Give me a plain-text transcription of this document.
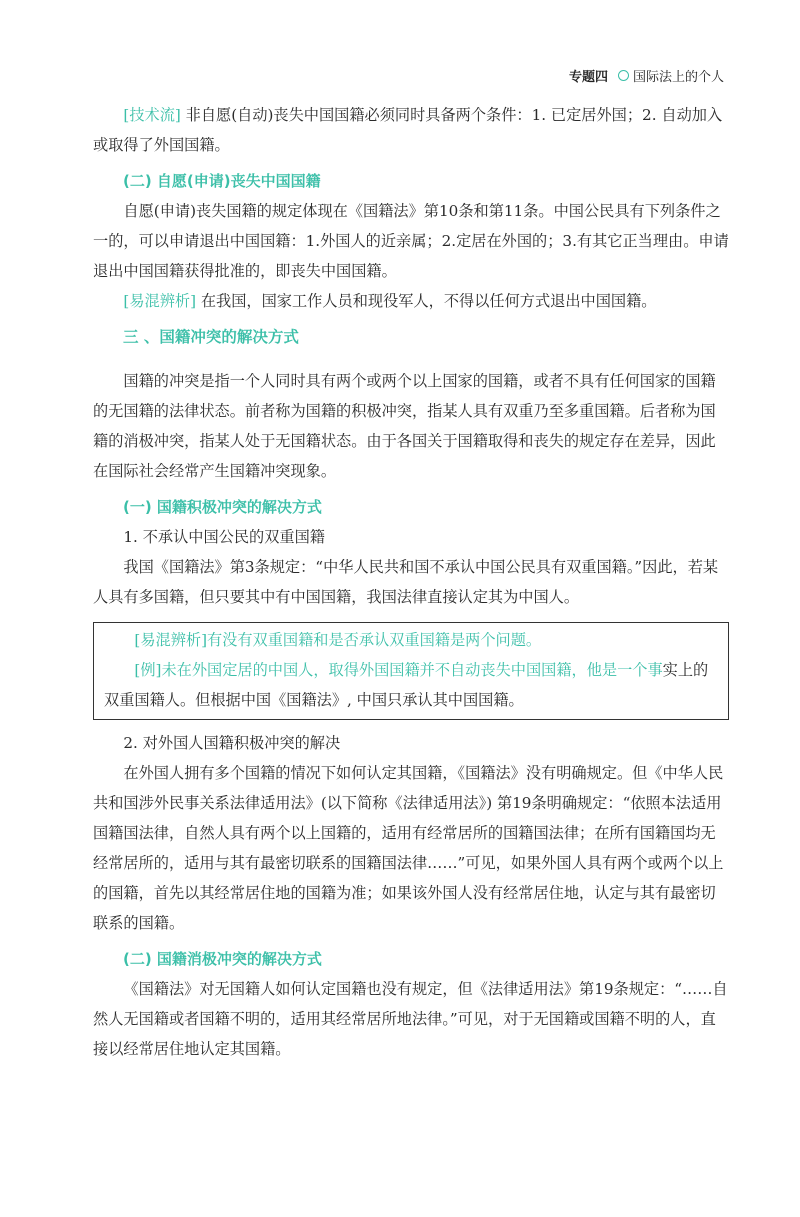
专题四 国际法上的个人

[技术流] 非自愿(自动)丧失中国国籍必须同时具备两个条件：1. 已定居外国；2. 自动加入或取得了外国国籍。

(二) 自愿(申请)丧失中国国籍

自愿(申请)丧失国籍的规定体现在《国籍法》第10条和第11条。中国公民具有下列条件之一的，可以申请退出中国国籍：1.外国人的近亲属；2.定居在外国的；3.有其它正当理由。申请退出中国国籍获得批准的，即丧失中国国籍。

[易混辨析] 在我国，国家工作人员和现役军人，不得以任何方式退出中国国籍。

三 、国籍冲突的解决方式

国籍的冲突是指一个人同时具有两个或两个以上国家的国籍，或者不具有任何国家的国籍的无国籍的法律状态。前者称为国籍的积极冲突，指某人具有双重乃至多重国籍。后者称为国籍的消极冲突，指某人处于无国籍状态。由于各国关于国籍取得和丧失的规定存在差异，因此在国际社会经常产生国籍冲突现象。

(一) 国籍积极冲突的解决方式

1. 不承认中国公民的双重国籍

我国《国籍法》第3条规定：“中华人民共和国不承认中国公民具有双重国籍。”因此，若某人具有多国籍，但只要其中有中国国籍，我国法律直接认定其为中国人。

[易混辨析]有没有双重国籍和是否承认双重国籍是两个问题。

[例]未在外国定居的中国人，取得外国国籍并不自动丧失中国国籍，他是一个事实上的双重国籍人。但根据中国《国籍法》, 中国只承认其中国国籍。

2. 对外国人国籍积极冲突的解决

在外国人拥有多个国籍的情况下如何认定其国籍，《国籍法》没有明确规定。但《中华人民共和国涉外民事关系法律适用法》(以下简称《法律适用法》) 第19条明确规定：“依照本法适用国籍国法律，自然人具有两个以上国籍的，适用有经常居所的国籍国法律；在所有国籍国均无经常居所的，适用与其有最密切联系的国籍国法律……”可见，如果外国人具有两个或两个以上的国籍，首先以其经常居住地的国籍为准；如果该外国人没有经常居住地，认定与其有最密切联系的国籍。

(二) 国籍消极冲突的解决方式

《国籍法》对无国籍人如何认定国籍也没有规定，但《法律适用法》第19条规定：“……自然人无国籍或者国籍不明的，适用其经常居所地法律。”可见，对于无国籍或国籍不明的人，直接以经常居住地认定其国籍。
